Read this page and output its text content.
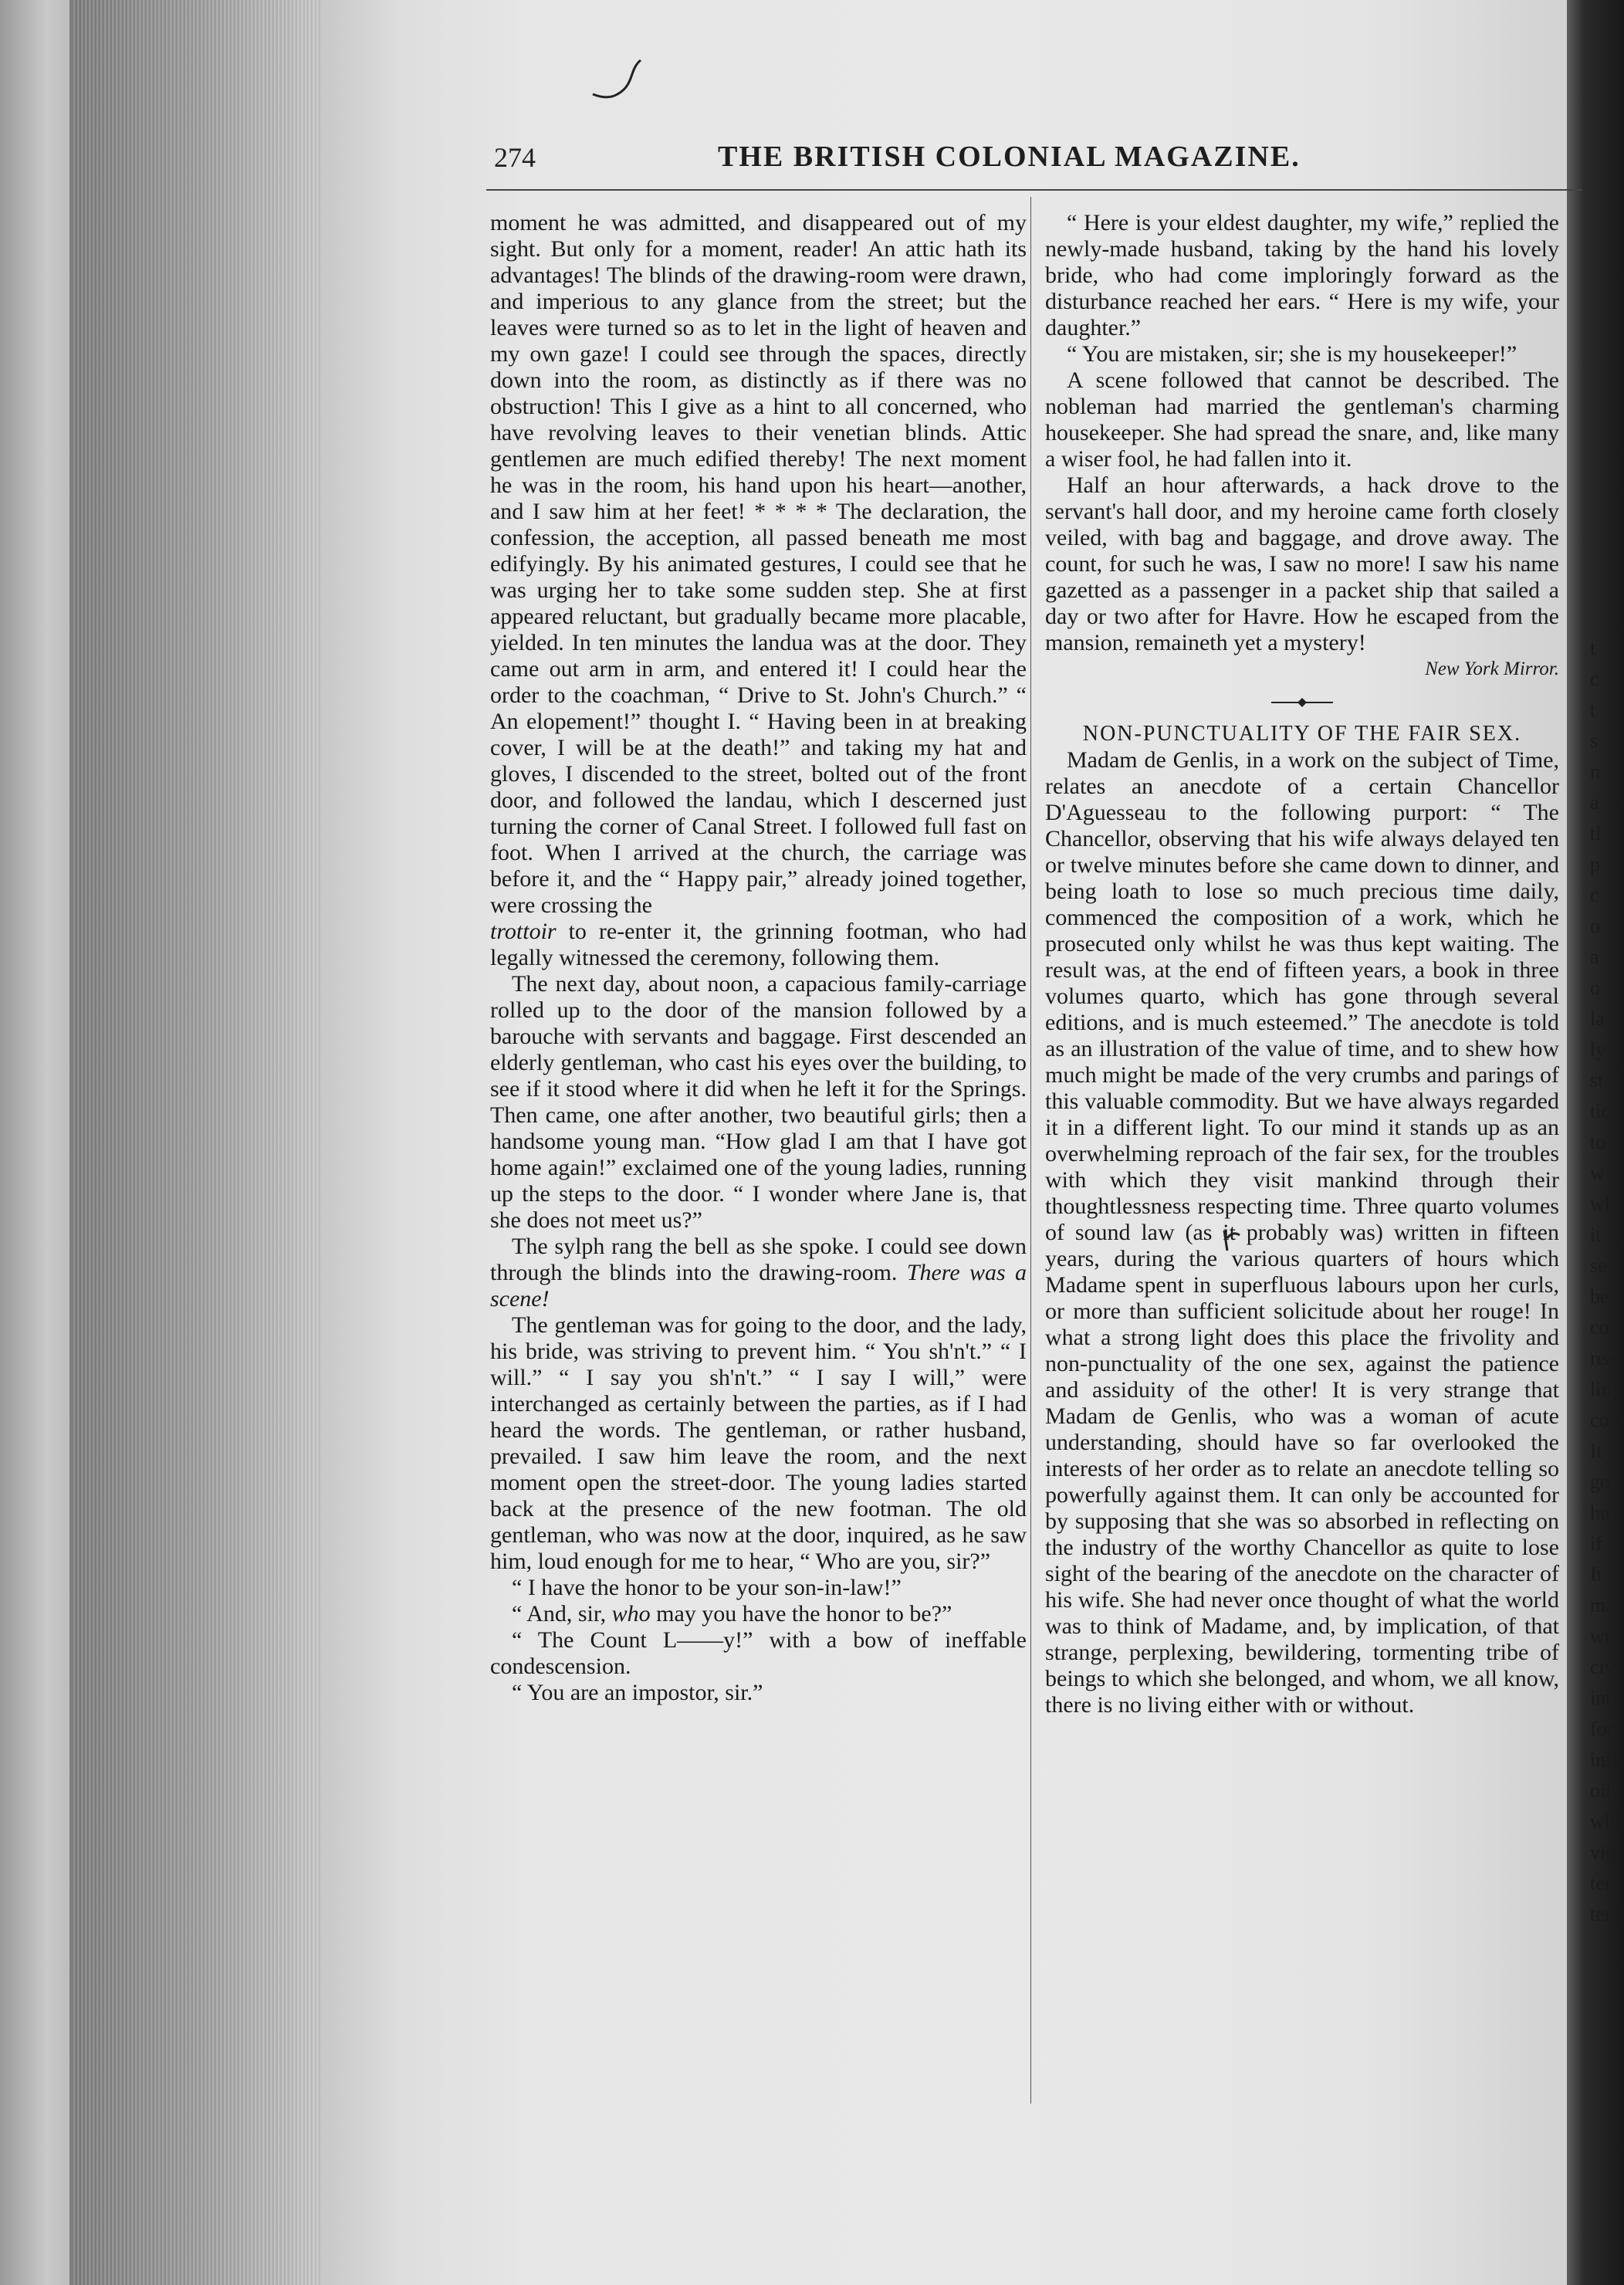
274	THE BRITISH COLONIAL MAGAZINE.

moment he was admitted, and disappeared out of my sight. But only for a moment, reader! An attic hath its advantages! The blinds of the drawing-room were drawn, and imperious to any glance from the street; but the leaves were turned so as to let in the light of heaven and my own gaze! I could see through the spaces, directly down into the room, as distinctly as if there was no obstruction! This I give as a hint to all concerned, who have revolving leaves to their venetian blinds. Attic gentlemen are much edified thereby! The next moment he was in the room, his hand upon his heart—another, and I saw him at her feet! * * * * The declaration, the confession, the acception, all passed beneath me most edifyingly. By his animated gestures, I could see that he was urging her to take some sudden step. She at first appeared reluctant, but gradually became more placable, yielded. In ten minutes the landua was at the door. They came out arm in arm, and entered it! I could hear the order to the coachman, “ Drive to St. John's Church.” “ An elopement!” thought I. “ Having been in at breaking cover, I will be at the death!” and taking my hat and gloves, I discended to the street, bolted out of the front door, and followed the landau, which I descerned just turning the corner of Canal Street. I followed full fast on foot. When I arrived at the church, the carriage was before it, and the “ Happy pair,” already joined together, were crossing the

trottoir to re-enter it, the grinning footman, who had legally witnessed the ceremony, following them.

The next day, about noon, a capacious family-carriage rolled up to the door of the mansion followed by a barouche with servants and baggage. First descended an elderly gentleman, who cast his eyes over the building, to see if it stood where it did when he left it for the Springs. Then came, one after another, two beautiful girls; then a handsome young man. “How glad I am that I have got home again!” exclaimed one of the young ladies, running up the steps to the door. “ I wonder where Jane is, that she does not meet us?”

The sylph rang the bell as she spoke. I could see down through the blinds into the drawing-room. There was a scene!

The gentleman was for going to the door, and the lady, his bride, was striving to prevent him. “ You sh'n't.” “ I will.” “ I say you sh'n't.” “ I say I will,” were interchanged as certainly between the parties, as if I had heard the words. The gentleman, or rather husband, prevailed. I saw him leave the room, and the next moment open the street-door. The young ladies started back at the presence of the new footman. The old gentleman, who was now at the door, inquired, as he saw him, loud enough for me to hear, “ Who are you, sir?”

“ I have the honor to be your son-in-law!”

“ And, sir, who may you have the honor to be?”

“ The Count L——y!” with a bow of ineffable condescension.

“ You are an impostor, sir.”

“ Here is your eldest daughter, my wife,” replied the newly-made husband, taking by the hand his lovely bride, who had come imploringly forward as the disturbance reached her ears. “ Here is my wife, your daughter.”

“ You are mistaken, sir; she is my housekeeper!”

A scene followed that cannot be described. The nobleman had married the gentleman's charming housekeeper. She had spread the snare, and, like many a wiser fool, he had fallen into it.

Half an hour afterwards, a hack drove to the servant's hall door, and my heroine came forth closely veiled, with bag and baggage, and drove away. The count, for such he was, I saw no more! I saw his name gazetted as a passenger in a packet ship that sailed a day or two after for Havre. How he escaped from the mansion, remaineth yet a mystery!

New York Mirror.

NON-PUNCTUALITY OF THE FAIR SEX.

Madam de Genlis, in a work on the subject of Time, relates an anecdote of a certain Chancellor D'Aguesseau to the following purport: “ The Chancellor, observing that his wife always delayed ten or twelve minutes before she came down to dinner, and being loath to lose so much precious time daily, commenced the composition of a work, which he prosecuted only whilst he was thus kept waiting. The result was, at the end of fifteen years, a book in three volumes quarto, which has gone through several editions, and is much esteemed.” The anecdote is told as an illustration of the value of time, and to shew how much might be made of the very crumbs and parings of this valuable commodity. But we have always regarded it in a different light. To our mind it stands up as an overwhelming reproach of the fair sex, for the troubles with which they visit mankind through their thoughtlessness respecting time. Three quarto volumes of sound law (as it probably was) written in fifteen years, during the various quarters of hours which Madame spent in superfluous labours upon her curls, or more than sufficient solicitude about her rouge! In what a strong light does this place the frivolity and non-punctuality of the one sex, against the patience and assiduity of the other! It is very strange that Madam de Genlis, who was a woman of acute understanding, should have so far overlooked the interests of her order as to relate an anecdote telling so powerfully against them. It can only be accounted for by supposing that she was so absorbed in reflecting on the industry of the worthy Chancellor as quite to lose sight of the bearing of the anecdote on the character of his wife. She had never once thought of what the world was to think of Madame, and, by implication, of that strange, perplexing, bewildering, tormenting tribe of beings to which she belonged, and whom, we all know, there is no living either with or without.

t
c
t
s
n
a
tl
p
c
o
a
o
la
ly
st
tic
to
w
wl
it
se
be
co
rea
lin
co
It
go
hu
if
It
ma
wr
civ
int
for
infl
oil
whi
vig
ter
ters
